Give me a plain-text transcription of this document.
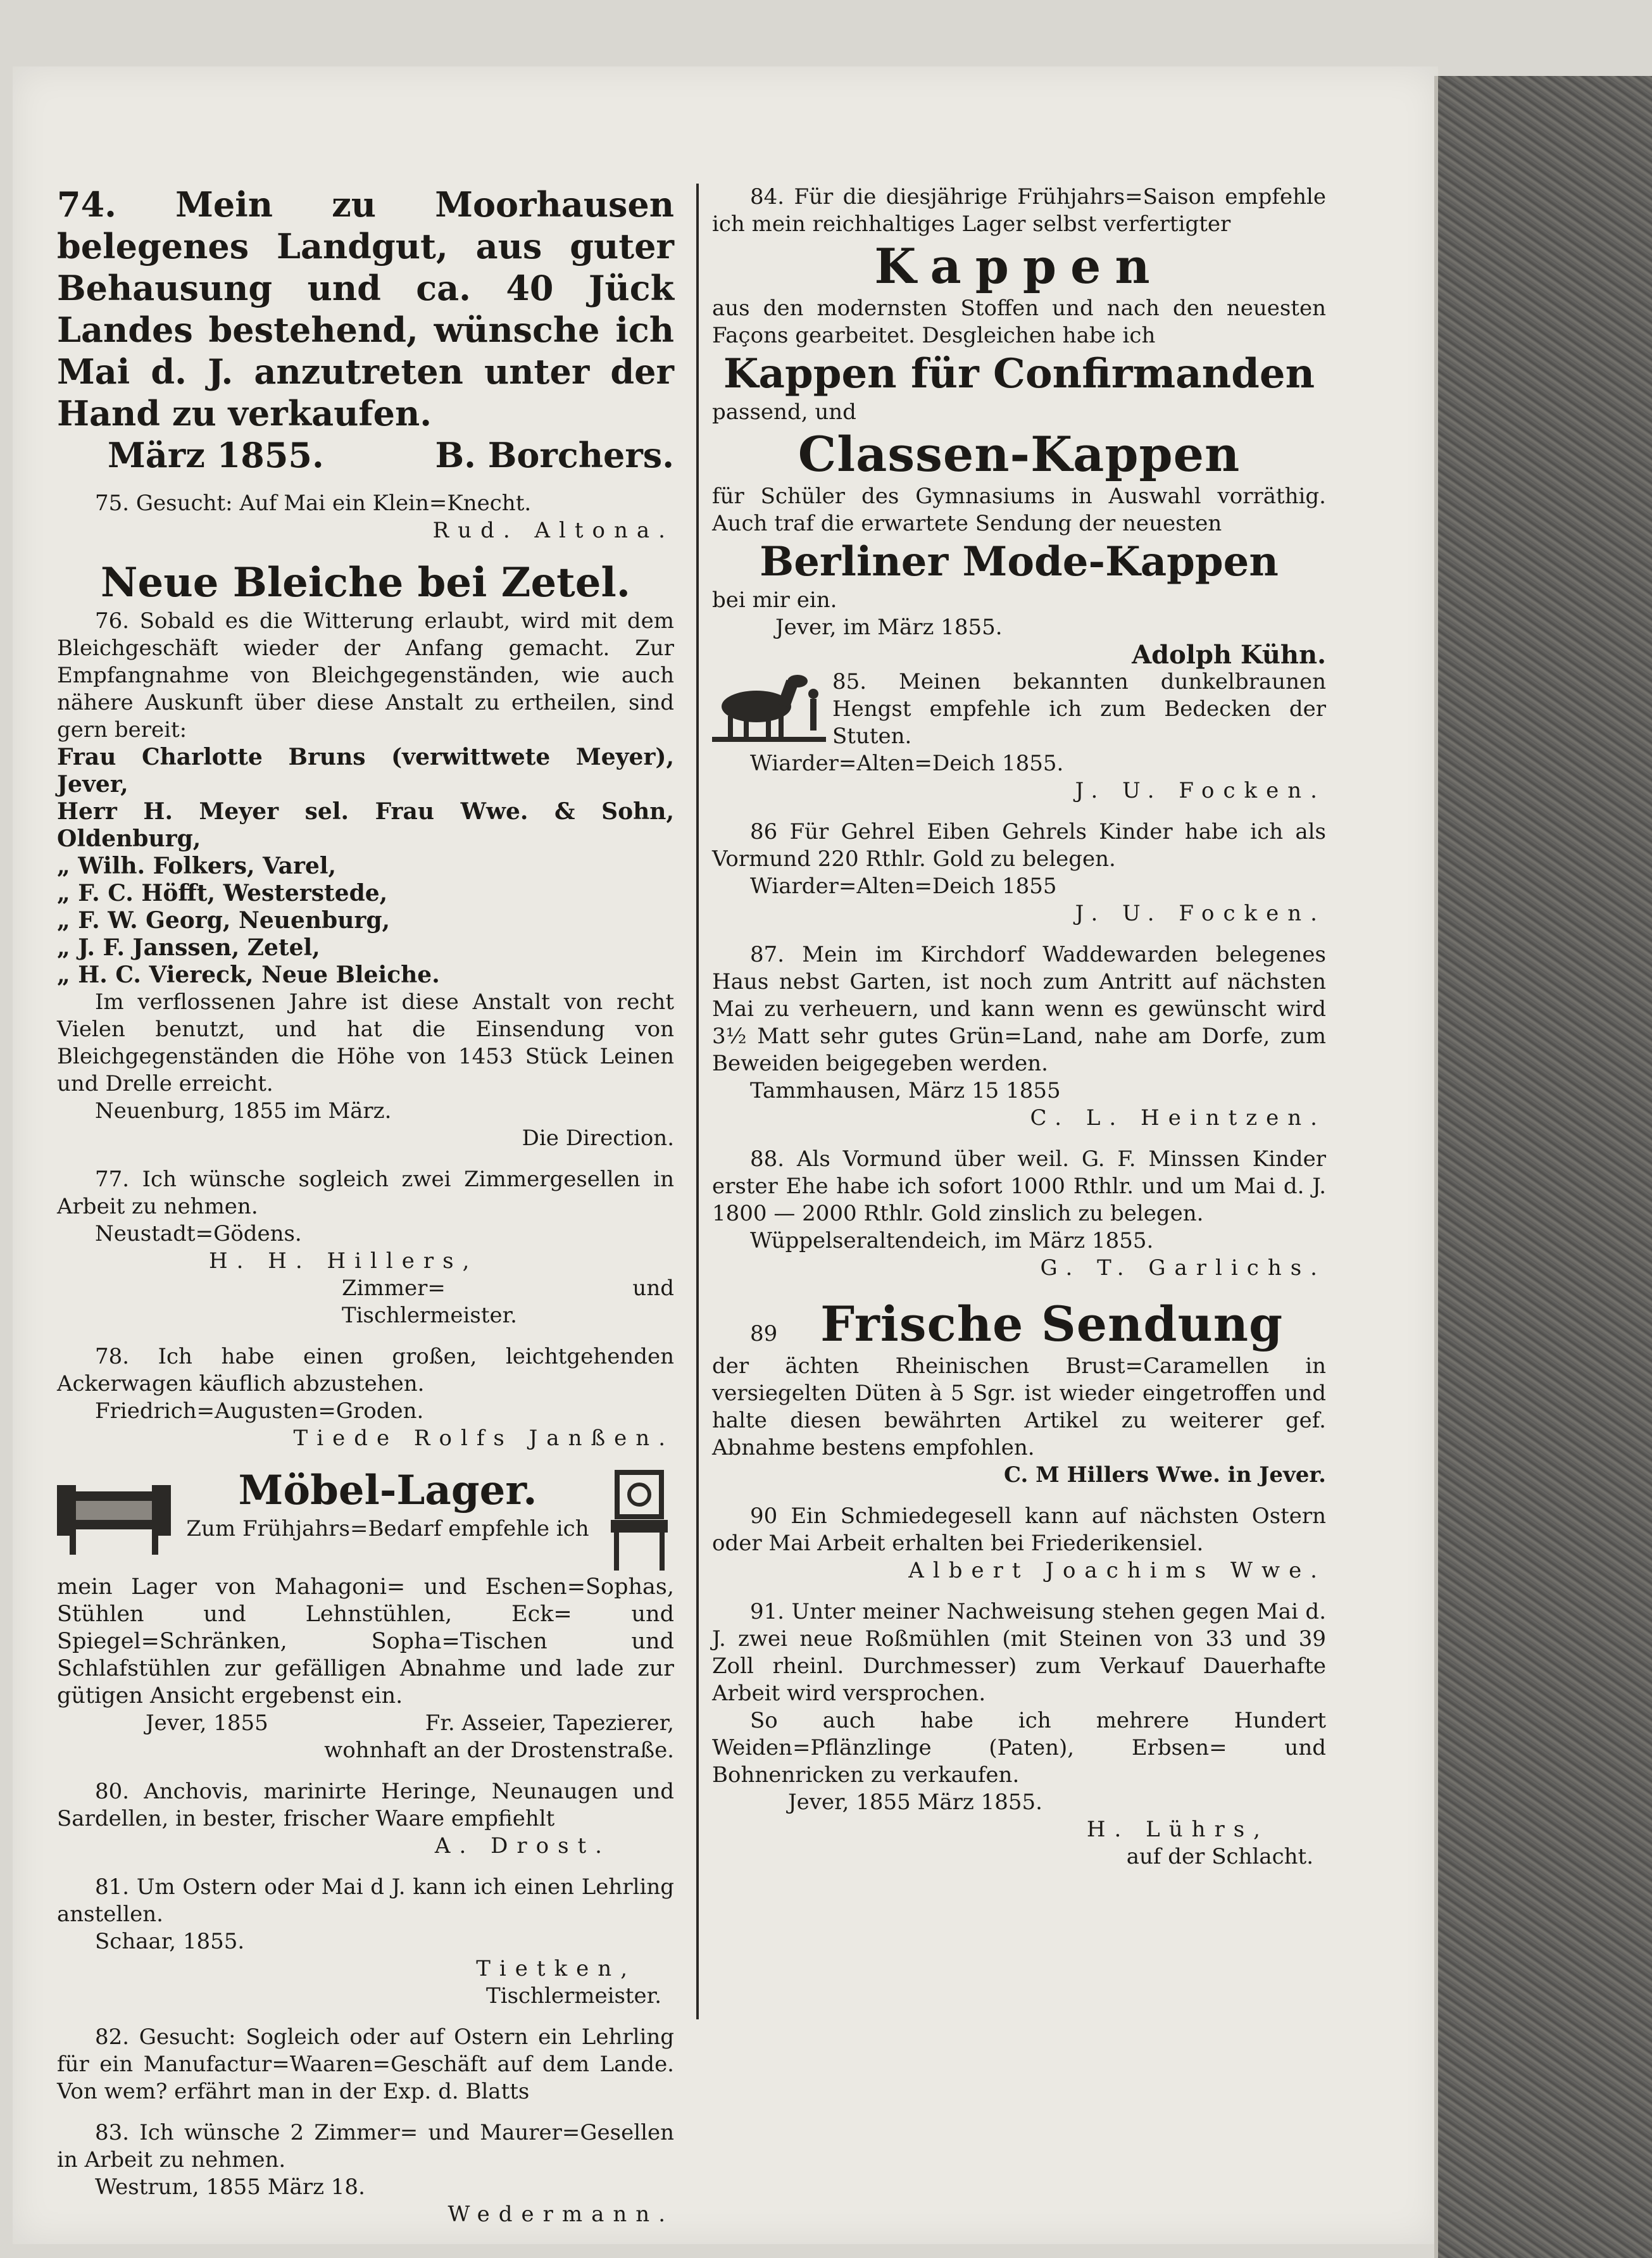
74. Mein zu Moorhausen belegenes Landgut, aus guter Behausung und ca. 40 Jück Landes bestehend, wünsche ich Mai d. J. anzutreten unter der Hand zu verkaufen.

März 1855.	B. Borchers.

75. Gesucht: Auf Mai ein Klein=Knecht.

Rud. Altona.

Neue Bleiche bei Zetel.

76. Sobald es die Witterung erlaubt, wird mit dem Bleichgeschäft wieder der Anfang gemacht. Zur Empfangnahme von Bleichgegenständen, wie auch nähere Auskunft über diese Anstalt zu ertheilen, sind gern bereit:

Frau Charlotte Bruns (verwittwete Meyer), Jever,

Herr H. Meyer sel. Frau Wwe. & Sohn, Oldenburg,

„ Wilh. Folkers, Varel,

„ F. C. Höfft, Westerstede,

„ F. W. Georg, Neuenburg,

„ J. F. Janssen, Zetel,

„ H. C. Viereck, Neue Bleiche.

Im verflossenen Jahre ist diese Anstalt von recht Vielen benutzt, und hat die Einsendung von Bleichgegenständen die Höhe von 1453 Stück Leinen und Drelle erreicht.

Neuenburg, 1855 im März.

Die Direction.

77. Ich wünsche sogleich zwei Zimmergesellen in Arbeit zu nehmen.

Neustadt=Gödens.

H. H. Hillers,

Zimmer= und Tischlermeister.

78. Ich habe einen großen, leichtgehenden Ackerwagen käuflich abzustehen.

Friedrich=Augusten=Groden.

Tiede Rolfs Janßen.

Möbel-Lager.

Zum Frühjahrs=Bedarf empfehle ich

mein Lager von Mahagoni= und Eschen=Sophas, Stühlen und Lehnstühlen, Eck= und Spiegel=Schränken, Sopha=Tischen und Schlafstühlen zur gefälligen Abnahme und lade zur gütigen Ansicht ergebenst ein.

Jever, 1855	Fr. Asseier, Tapezierer,

wohnhaft an der Drostenstraße.

80. Anchovis, marinirte Heringe, Neunaugen und Sardellen, in bester, frischer Waare empfiehlt

A. Drost.

81. Um Ostern oder Mai d J. kann ich einen Lehrling anstellen.

Schaar, 1855.

Tietken,

Tischlermeister.

82. Gesucht: Sogleich oder auf Ostern ein Lehrling für ein Manufactur=Waaren=Geschäft auf dem Lande. Von wem? erfährt man in der Exp. d. Blatts

83. Ich wünsche 2 Zimmer= und Maurer=Gesellen in Arbeit zu nehmen.

Westrum, 1855 März 18.

Wedermann.

84. Für die diesjährige Frühjahrs=Saison empfehle ich mein reichhaltiges Lager selbst verfertigter

Kappen

aus den modernsten Stoffen und nach den neuesten Façons gearbeitet. Desgleichen habe ich

Kappen für Confirmanden

passend, und

Classen-Kappen

für Schüler des Gymnasiums in Auswahl vorräthig. Auch traf die erwartete Sendung der neuesten

Berliner Mode-Kappen

bei mir ein.

Jever, im März 1855.

Adolph Kühn.

85. Meinen bekannten dunkelbraunen Hengst empfehle ich zum Bedecken der Stuten.

Wiarder=Alten=Deich 1855.

J. U. Focken.

86 Für Gehrel Eiben Gehrels Kinder habe ich als Vormund 220 Rthlr. Gold zu belegen.

Wiarder=Alten=Deich 1855

J. U. Focken.

87. Mein im Kirchdorf Waddewarden belegenes Haus nebst Garten, ist noch zum Antritt auf nächsten Mai zu verheuern, und kann wenn es gewünscht wird 3½ Matt sehr gutes Grün=Land, nahe am Dorfe, zum Beweiden beigegeben werden.

Tammhausen, März 15 1855

C. L. Heintzen.

88. Als Vormund über weil. G. F. Minssen Kinder erster Ehe habe ich sofort 1000 Rthlr. und um Mai d. J. 1800 — 2000 Rthlr. Gold zinslich zu belegen.

Wüppelseraltendeich, im März 1855.

G. T. Garlichs.

89 Frische Sendung

der ächten Rheinischen Brust=Caramellen in versiegelten Düten à 5 Sgr. ist wieder eingetroffen und halte diesen bewährten Artikel zu weiterer gef. Abnahme bestens empfohlen.

C. M Hillers Wwe. in Jever.

90 Ein Schmiedegesell kann auf nächsten Ostern oder Mai Arbeit erhalten bei Friederikensiel.

Albert Joachims Wwe.

91. Unter meiner Nachweisung stehen gegen Mai d. J. zwei neue Roßmühlen (mit Steinen von 33 und 39 Zoll rheinl. Durchmesser) zum Verkauf Dauerhafte Arbeit wird versprochen.

So auch habe ich mehrere Hundert Weiden=Pflänzlinge (Paten), Erbsen= und Bohnenricken zu verkaufen.

Jever, 1855 März 1855.

H. Lührs,

auf der Schlacht.
